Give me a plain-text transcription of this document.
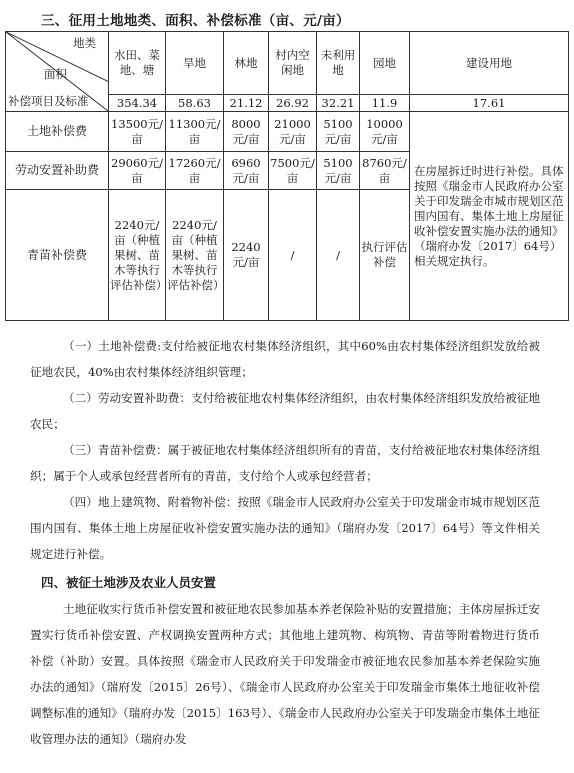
三、征用土地地类、面积、补偿标准（亩、元/亩）
地类
面积
补偿项目及标准	水田、菜地、塘	旱地	林地	村内空闲地	未利用地	园地	建设用地
	354.34	58.63	21.12	26.92	32.21	11.9	17.61
土地补偿费	13500元/亩	11300元/亩	8000元/亩	21000元/亩	5100元/亩	10000元/亩	在房屋拆迁时进行补偿。具体按照《瑞金市人民政府办公室关于印发瑞金市城市规划区范围内国有、集体土地上房屋征收补偿安置实施办法的通知》（瑞府办发〔2017〕64号）相关规定执行。
劳动安置补助费	29060元/亩	17260元/亩	6960元/亩	7500元/亩	5100元/亩	8760元/亩	
青苗补偿费	2240元/亩（种植果树、苗木等执行评估补偿）	2240元/亩（种植果树、苗木等执行评估补偿）	2240元/亩	/	/	执行评估补偿	
（一）土地补偿费:支付给被征地农村集体经济组织，其中60%由农村集体经济组织发放给被征地农民，40%由农村集体经济组织管理；
（二）劳动安置补助费：支付给被征地农村集体经济组织，由农村集体经济组织发放给被征地农民；
（三）青苗补偿费：属于被征地农村集体经济组织所有的青苗，支付给被征地农村集体经济组织；属于个人或承包经营者所有的青苗，支付给个人或承包经营者；
（四）地上建筑物、附着物补偿：按照《瑞金市人民政府办公室关于印发瑞金市城市规划区范围内国有、集体土地上房屋征收补偿安置实施办法的通知》（瑞府办发〔2017〕64号）等文件相关规定进行补偿。
四、被征土地涉及农业人员安置
土地征收实行货币补偿安置和被征地农民参加基本养老保险补贴的安置措施；主体房屋拆迁安置实行货币补偿安置、产权调换安置两种方式；其他地上建筑物、构筑物、青苗等附着物进行货币补偿（补助）安置。具体按照《瑞金市人民政府关于印发瑞金市被征地农民参加基本养老保险实施办法的通知》（瑞府发〔2015〕26号）、《瑞金市人民政府办公室关于印发瑞金市集体土地征收补偿调整标准的通知》（瑞府办发〔2015〕163号）、《瑞金市人民政府办公室关于印发瑞金市集体土地征收管理办法的通知》（瑞府办发
